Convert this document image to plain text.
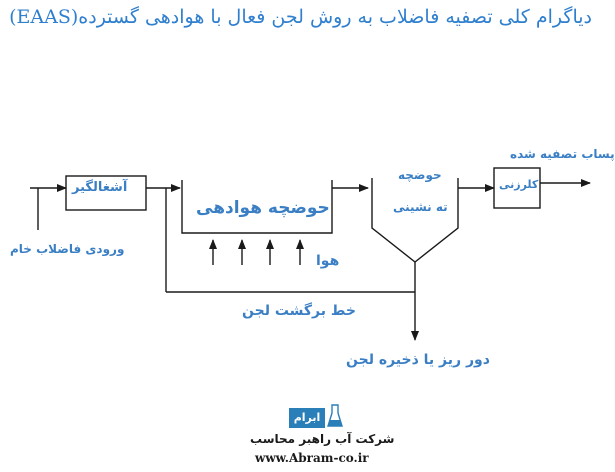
دیاگرام کلی تصفیه فاضلاب به روش لجن فعال با هوادهی گسترده(EAAS)
آشغالگیر
حوضچه هوادهی
حوضچه
ته نشینی
کلرزنی
پساب تصفیه شده
ورودی فاضلاب خام
هوا
خط برگشت لجن
دور ریز یا ذخیره لجن
ابرام
شرکت آب راهبر محاسب
www.Abram-co.ir
